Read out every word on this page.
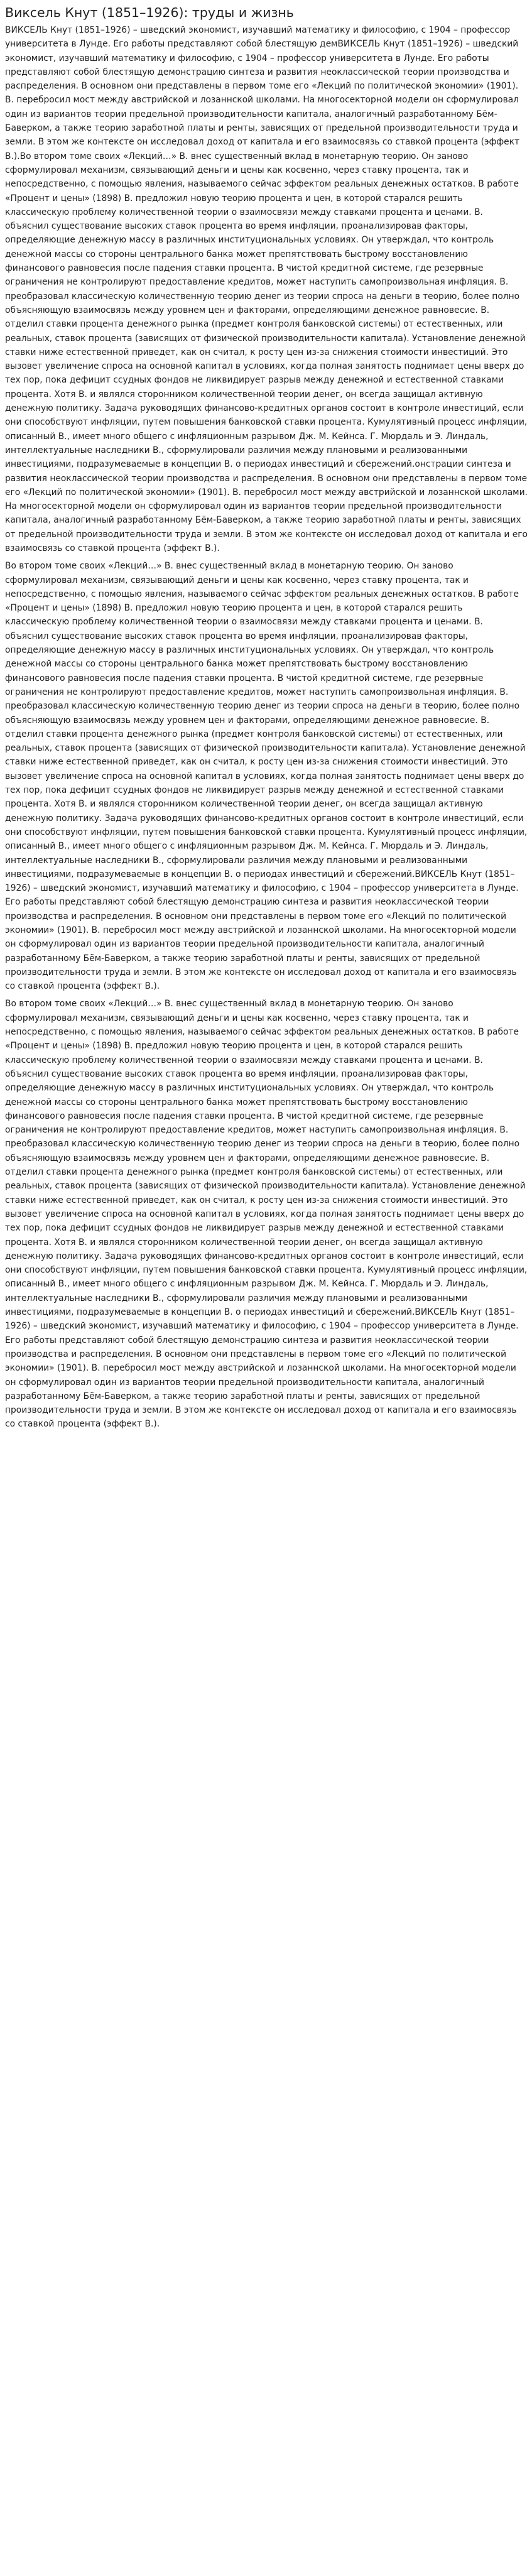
Виксель Кнут (1851–1926): труды и жизнь

ВИКСЕЛЬ Кнут (1851–1926) – шведский экономист, изучавший математику и философию, с 1904 – профессор университета в Лунде. Его работы представляют собой блестящую демВИКСЕЛЬ Кнут (1851–1926) – шведский экономист, изучавший математику и философию, с 1904 – профессор университета в Лунде. Его работы представляют собой блестящую демонстрацию синтеза и развития неоклассической теории производства и распределения. В основном они представлены в первом томе его «Лекций по политической экономии» (1901). В. перебросил мост между австрийской и лозаннской школами. На многосекторной модели он сформулировал один из вариантов теории предельной производительности капитала, аналогичный разработанному Бём-Баверком, а также теорию заработной платы и ренты, зависящих от предельной производительности труда и земли. В этом же контексте он исследовал доход от капитала и его взаимосвязь со ставкой процента (эффект В.).Во втором томе своих «Лекций…» В. внес существенный вклад в монетарную теорию. Он заново сформулировал механизм, связывающий деньги и цены как косвенно, через ставку процента, так и непосредственно, с помощью явления, называемого сейчас эффектом реальных денежных остатков. В работе «Процент и цены» (1898) В. предложил новую теорию процента и цен, в которой старался решить классическую проблему количественной теории о взаимосвязи между ставками процента и ценами. В. объяснил существование высоких ставок процента во время инфляции, проанализировав факторы, определяющие денежную массу в различных институциональных условиях. Он утверждал, что контроль денежной массы со стороны центрального банка может препятствовать быстрому восстановлению финансового равновесия после падения ставки процента. В чистой кредитной системе, где резервные ограничения не контролируют предоставление кредитов, может наступить самопроизвольная инфляция. В. преобразовал классическую количественную теорию денег из теории спроса на деньги в теорию, более полно объясняющую взаимосвязь между уровнем цен и факторами, определяющими денежное равновесие. В. отделил ставки процента денежного рынка (предмет контроля банковской системы) от естественных, или реальных, ставок процента (зависящих от физической производительности капитала). Установление денежной ставки ниже естественной приведет, как он считал, к росту цен из-за снижения стоимости инвестиций. Это вызовет увеличение спроса на основной капитал в условиях, когда полная занятость поднимает цены вверх до тех пор, пока дефицит ссудных фондов не ликвидирует разрыв между денежной и естественной ставками процента. Хотя В. и являлся сторонником количественной теории денег, он всегда защищал активную денежную политику. Задача руководящих финансово-кредитных органов состоит в контроле инвестиций, если они способствуют инфляции, путем повышения банковской ставки процента. Кумулятивный процесс инфляции, описанный В., имеет много общего с инфляционным разрывом Дж. М. Кейнса. Г. Мюрдаль и Э. Линдаль, интеллектуальные наследники В., сформулировали различия между плановыми и реализованными инвестициями, подразумеваемые в концепции В. о периодах инвестиций и сбережений.онстрации синтеза и развития неоклассической теории производства и распределения. В основном они представлены в первом томе его «Лекций по политической экономии» (1901). В. перебросил мост между австрийской и лозаннской школами. На многосекторной модели он сформулировал один из вариантов теории предельной производительности капитала, аналогичный разработанному Бём-Баверком, а также теорию заработной платы и ренты, зависящих от предельной производительности труда и земли. В этом же контексте он исследовал доход от капитала и его взаимосвязь со ставкой процента (эффект В.).

Во втором томе своих «Лекций…» В. внес существенный вклад в монетарную теорию. Он заново сформулировал механизм, связывающий деньги и цены как косвенно, через ставку процента, так и непосредственно, с помощью явления, называемого сейчас эффектом реальных денежных остатков. В работе «Процент и цены» (1898) В. предложил новую теорию процента и цен, в которой старался решить классическую проблему количественной теории о взаимосвязи между ставками процента и ценами. В. объяснил существование высоких ставок процента во время инфляции, проанализировав факторы, определяющие денежную массу в различных институциональных условиях. Он утверждал, что контроль денежной массы со стороны центрального банка может препятствовать быстрому восстановлению финансового равновесия после падения ставки процента. В чистой кредитной системе, где резервные ограничения не контролируют предоставление кредитов, может наступить самопроизвольная инфляция. В. преобразовал классическую количественную теорию денег из теории спроса на деньги в теорию, более полно объясняющую взаимосвязь между уровнем цен и факторами, определяющими денежное равновесие. В. отделил ставки процента денежного рынка (предмет контроля банковской системы) от естественных, или реальных, ставок процента (зависящих от физической производительности капитала). Установление денежной ставки ниже естественной приведет, как он считал, к росту цен из-за снижения стоимости инвестиций. Это вызовет увеличение спроса на основной капитал в условиях, когда полная занятость поднимает цены вверх до тех пор, пока дефицит ссудных фондов не ликвидирует разрыв между денежной и естественной ставками процента. Хотя В. и являлся сторонником количественной теории денег, он всегда защищал активную денежную политику. Задача руководящих финансово-кредитных органов состоит в контроле инвестиций, если они способствуют инфляции, путем повышения банковской ставки процента. Кумулятивный процесс инфляции, описанный В., имеет много общего с инфляционным разрывом Дж. М. Кейнса. Г. Мюрдаль и Э. Линдаль, интеллектуальные наследники В., сформулировали различия между плановыми и реализованными инвестициями, подразумеваемые в концепции В. о периодах инвестиций и сбережений.ВИКСЕЛЬ Кнут (1851–1926) – шведский экономист, изучавший математику и философию, с 1904 – профессор университета в Лунде. Его работы представляют собой блестящую демонстрацию синтеза и развития неоклассической теории производства и распределения. В основном они представлены в первом томе его «Лекций по политической экономии» (1901). В. перебросил мост между австрийской и лозаннской школами. На многосекторной модели он сформулировал один из вариантов теории предельной производительности капитала, аналогичный разработанному Бём-Баверком, а также теорию заработной платы и ренты, зависящих от предельной производительности труда и земли. В этом же контексте он исследовал доход от капитала и его взаимосвязь со ставкой процента (эффект В.).

Во втором томе своих «Лекций…» В. внес существенный вклад в монетарную теорию. Он заново сформулировал механизм, связывающий деньги и цены как косвенно, через ставку процента, так и непосредственно, с помощью явления, называемого сейчас эффектом реальных денежных остатков. В работе «Процент и цены» (1898) В. предложил новую теорию процента и цен, в которой старался решить классическую проблему количественной теории о взаимосвязи между ставками процента и ценами. В. объяснил существование высоких ставок процента во время инфляции, проанализировав факторы, определяющие денежную массу в различных институциональных условиях. Он утверждал, что контроль денежной массы со стороны центрального банка может препятствовать быстрому восстановлению финансового равновесия после падения ставки процента. В чистой кредитной системе, где резервные ограничения не контролируют предоставление кредитов, может наступить самопроизвольная инфляция. В. преобразовал классическую количественную теорию денег из теории спроса на деньги в теорию, более полно объясняющую взаимосвязь между уровнем цен и факторами, определяющими денежное равновесие. В. отделил ставки процента денежного рынка (предмет контроля банковской системы) от естественных, или реальных, ставок процента (зависящих от физической производительности капитала). Установление денежной ставки ниже естественной приведет, как он считал, к росту цен из-за снижения стоимости инвестиций. Это вызовет увеличение спроса на основной капитал в условиях, когда полная занятость поднимает цены вверх до тех пор, пока дефицит ссудных фондов не ликвидирует разрыв между денежной и естественной ставками процента. Хотя В. и являлся сторонником количественной теории денег, он всегда защищал активную денежную политику. Задача руководящих финансово-кредитных органов состоит в контроле инвестиций, если они способствуют инфляции, путем повышения банковской ставки процента. Кумулятивный процесс инфляции, описанный В., имеет много общего с инфляционным разрывом Дж. М. Кейнса. Г. Мюрдаль и Э. Линдаль, интеллектуальные наследники В., сформулировали различия между плановыми и реализованными инвестициями, подразумеваемые в концепции В. о периодах инвестиций и сбережений.ВИКСЕЛЬ Кнут (1851–1926) – шведский экономист, изучавший математику и философию, с 1904 – профессор университета в Лунде. Его работы представляют собой блестящую демонстрацию синтеза и развития неоклассической теории производства и распределения. В основном они представлены в первом томе его «Лекций по политической экономии» (1901). В. перебросил мост между австрийской и лозаннской школами. На многосекторной модели он сформулировал один из вариантов теории предельной производительности капитала, аналогичный разработанному Бём-Баверком, а также теорию заработной платы и ренты, зависящих от предельной производительности труда и земли. В этом же контексте он исследовал доход от капитала и его взаимосвязь со ставкой процента (эффект В.).
